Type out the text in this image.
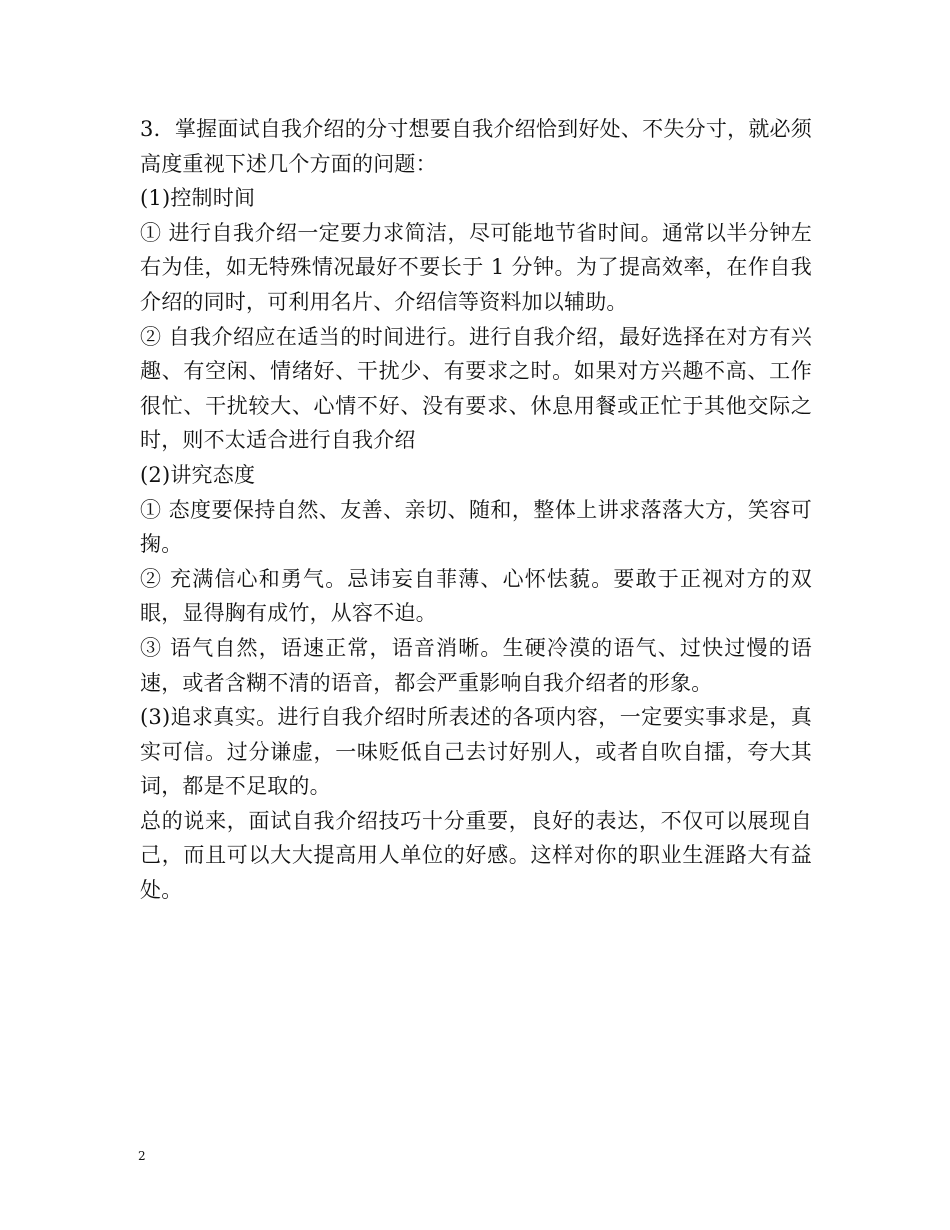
3．掌握面试自我介绍的分寸想要自我介绍恰到好处、不失分寸，就必须高度重视下述几个方面的问题：

(1)控制时间

① 进行自我介绍一定要力求简洁，尽可能地节省时间。通常以半分钟左右为佳，如无特殊情况最好不要长于 1 分钟。为了提高效率，在作自我介绍的同时，可利用名片、介绍信等资料加以辅助。

② 自我介绍应在适当的时间进行。进行自我介绍，最好选择在对方有兴趣、有空闲、情绪好、干扰少、有要求之时。如果对方兴趣不高、工作很忙、干扰较大、心情不好、没有要求、休息用餐或正忙于其他交际之时，则不太适合进行自我介绍

(2)讲究态度

① 态度要保持自然、友善、亲切、随和，整体上讲求落落大方，笑容可掬。

② 充满信心和勇气。忌讳妄自菲薄、心怀怯藐。要敢于正视对方的双眼，显得胸有成竹，从容不迫。

③ 语气自然，语速正常，语音消晰。生硬冷漠的语气、过快过慢的语速，或者含糊不清的语音，都会严重影响自我介绍者的形象。

(3)追求真实。进行自我介绍时所表述的各项内容，一定要实事求是，真实可信。过分谦虚，一味贬低自己去讨好别人，或者自吹自擂，夸大其词，都是不足取的。

总的说来，面试自我介绍技巧十分重要，良好的表达，不仅可以展现自己，而且可以大大提高用人单位的好感。这样对你的职业生涯路大有益处。

2
